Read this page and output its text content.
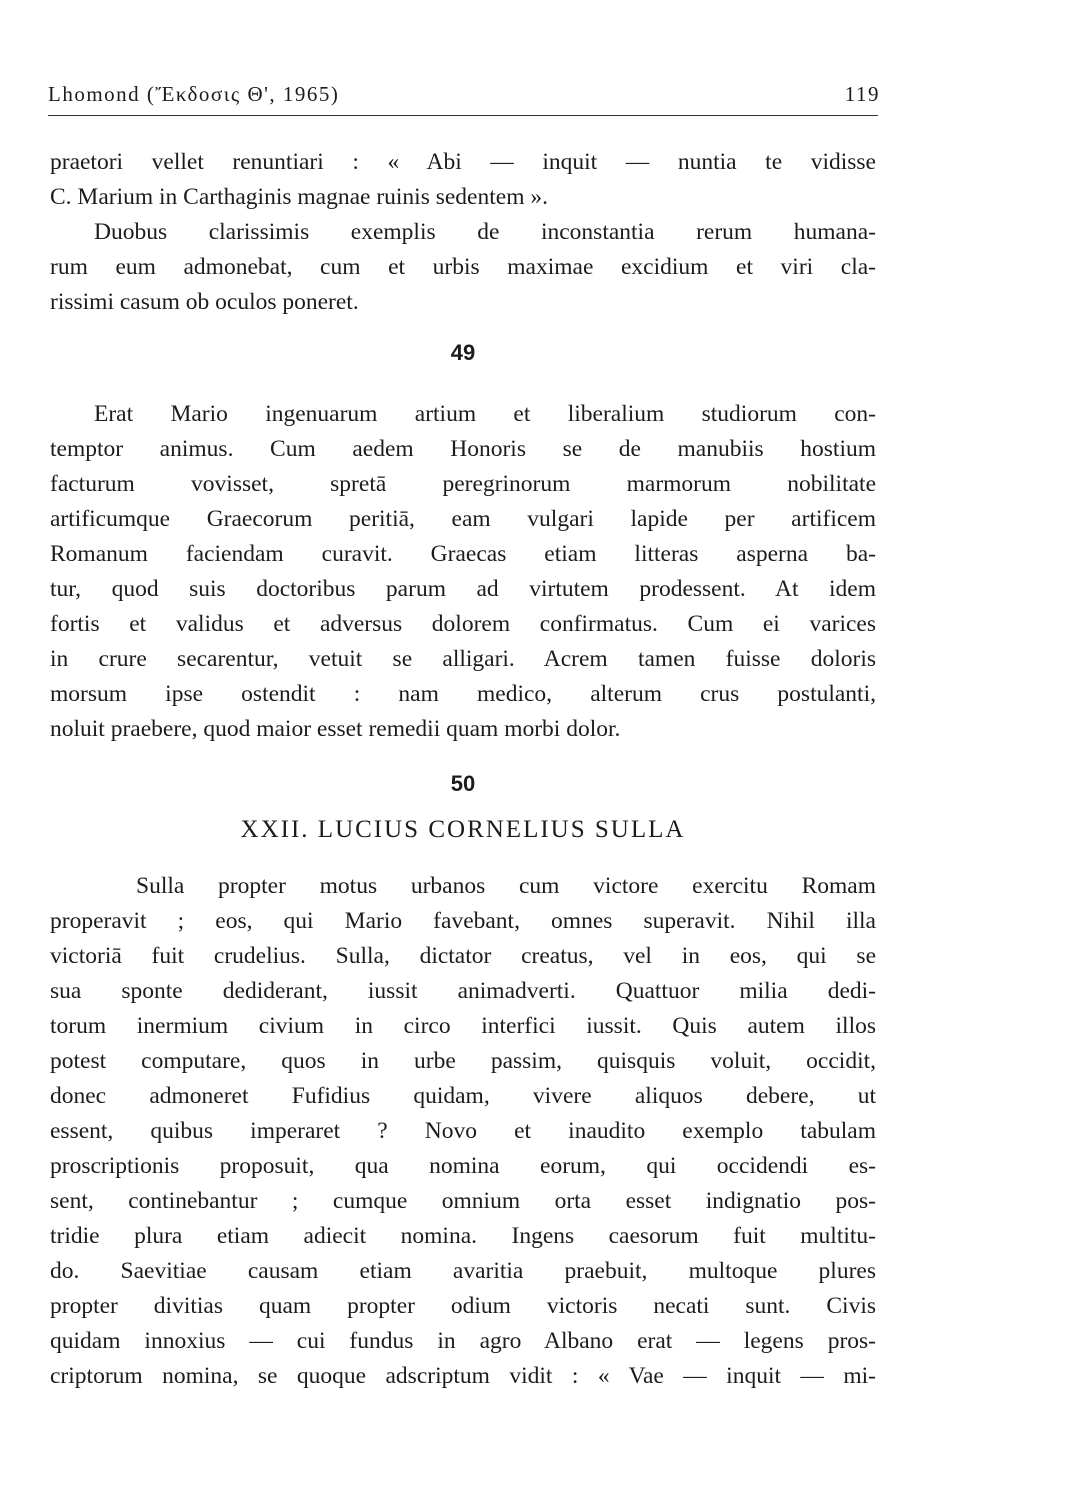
Lhomond (Ἔκδοσις Θ', 1965)	119
praetori vellet renuntiari : « Abi — inquit — nuntia te vidisse
C. Marium in Carthaginis magnae ruinis sedentem ».
Duobus clarissimis exemplis de inconstantia rerum humana-
rum eum admonebat, cum et urbis maximae excidium et viri cla-
rissimi casum ob oculos poneret.
49
Erat Mario ingenuarum artium et liberalium studiorum con-
temptor animus. Cum aedem Honoris se de manubiis hostium
facturum vovisset, spretā peregrinorum marmorum nobilitate
artificumque Graecorum peritiā, eam vulgari lapide per artificem
Romanum faciendam curavit. Graecas etiam litteras asperna ba-
tur, quod suis doctoribus parum ad virtutem prodessent. At idem
fortis et validus et adversus dolorem confirmatus. Cum ei varices
in crure secarentur, vetuit se alligari. Acrem tamen fuisse doloris
morsum ipse ostendit : nam medico, alterum crus postulanti,
noluit praebere, quod maior esset remedii quam morbi dolor.
50
XXII. LUCIUS CORNELIUS SULLA
Sulla propter motus urbanos cum victore exercitu Romam
properavit ; eos, qui Mario favebant, omnes superavit. Nihil illa
victoriā fuit crudelius. Sulla, dictator creatus, vel in eos, qui se
sua sponte dediderant, iussit animadverti. Quattuor milia dedi-
torum inermium civium in circo interfici iussit. Quis autem illos
potest computare, quos in urbe passim, quisquis voluit, occidit,
donec admoneret Fufidius quidam, vivere aliquos debere, ut
essent, quibus imperaret ? Novo et inaudito exemplo tabulam
proscriptionis proposuit, qua nomina eorum, qui occidendi es-
sent, continebantur ; cumque omnium orta esset indignatio pos-
tridie plura etiam adiecit nomina. Ingens caesorum fuit multitu-
do. Saevitiae causam etiam avaritia praebuit, multoque plures
propter divitias quam propter odium victoris necati sunt. Civis
quidam innoxius — cui fundus in agro Albano erat — legens pros-
criptorum nomina, se quoque adscriptum vidit : « Vae — inquit — mi-
